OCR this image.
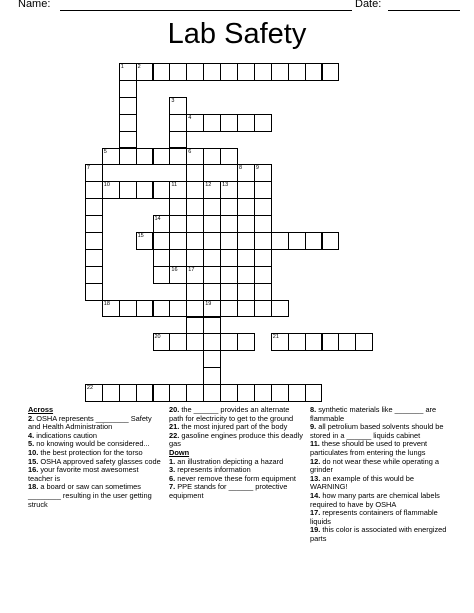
Name:	Date:
Lab Safety
2
4
5	6
10	11
15
16 17
18	19
20	21
22
1
3
7	8	9
12 13
14
Across
2. OSHA represents ________ Safety and Health Administration
4. indications caution
5. no knowing would be considered...
10. the best protection for the torso
15. OSHA approved safety glasses code
16. your favorite most awesomest teacher is
18. a board or saw can sometimes ________ resulting in the user getting struck
20. the ______ provides an alternate path for electricity to get to the ground
21. the most injured part of the body
22. gasoline engines produce this deadly gas
Down
1. an illustration depicting a hazard
3. represents information
6. never remove these form equipment
7. PPE stands for ______ protective equipment
8. synthetic materials like _______ are flammable
9. all petrolium based solvents should be stored in a ______ liquids cabinet
11. these should be used to prevent particulates from entering the lungs
12. do not wear these while operating a grinder
13. an example of this would be WARNING!
14. how many parts are chemical labels required to have by OSHA
17. represents containers of flammable liquids
19. this color is associated with energized parts
